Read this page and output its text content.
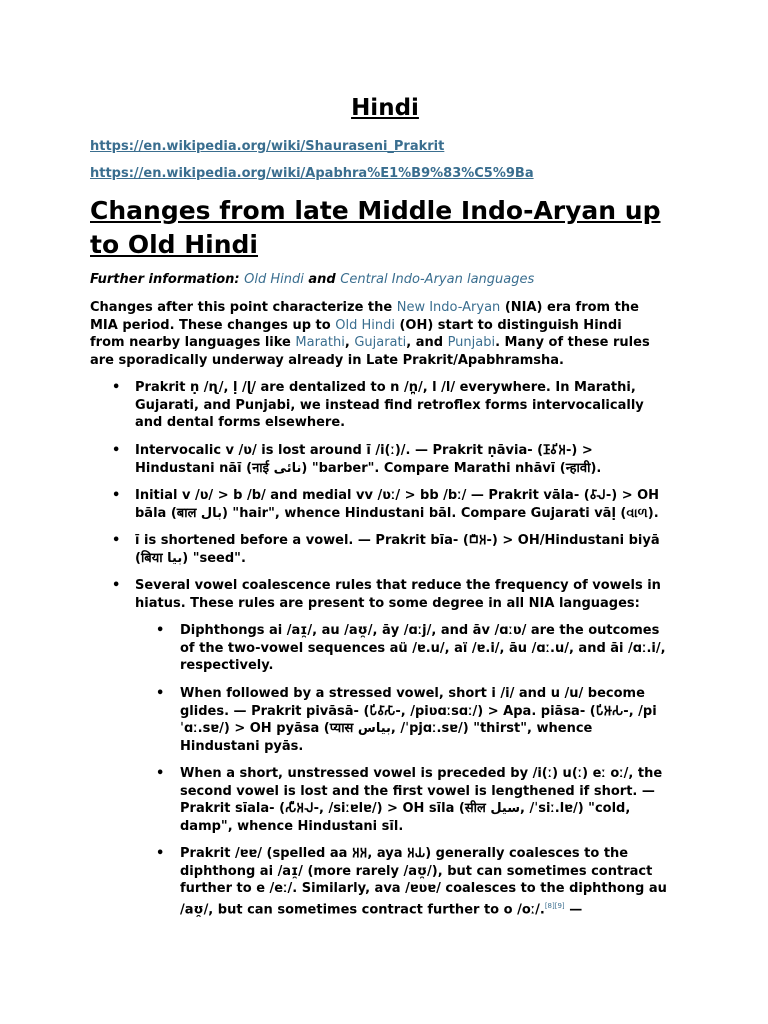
Hindi
https://en.wikipedia.org/wiki/Shauraseni_Prakrit
https://en.wikipedia.org/wiki/Apabhra%E1%B9%83%C5%9Ba
Changes from late Middle Indo-Aryan up to Old Hindi
Further information: Old Hindi and Central Indo-Aryan languages
Changes after this point characterize the New Indo-Aryan (NIA) era from the MIA period. These changes up to Old Hindi (OH) start to distinguish Hindi from nearby languages like Marathi, Gujarati, and Punjabi. Many of these rules are sporadically underway already in Late Prakrit/Apabhramsha.
• Prakrit ṇ /ɳ/, ḷ /ɭ/ are dentalized to n /n̪/, l /l/ everywhere. In Marathi, Gujarati, and Punjabi, we instead find retroflex forms intervocalically and dental forms elsewhere.
• Intervocalic v /ʋ/ is lost around ī /i(ː)/. — Prakrit ṇāvia- (𑀡𑀸𑀯𑀺𑀅-) > Hindustani nāī (नाई نائی) "barber". Compare Marathi nhāvī (न्हावी).
• Initial v /ʋ/ > b /b/ and medial vv /ʋː/ > bb /bː/ — Prakrit vāla- (𑀯𑀸𑀮-) > OH bāla (बाल بال) "hair", whence Hindustani bāl. Compare Gujarati vāḷ (વાળ).
• ī is shortened before a vowel. — Prakrit bīa- (𑀩𑀻𑀅-) > OH/Hindustani biyā (बिया بیا) "seed".
• Several vowel coalescence rules that reduce the frequency of vowels in hiatus. These rules are present to some degree in all NIA languages:
• Diphthongs ai /aɪ̯/, au /aʊ̯/, āy /ɑːj/, and āv /ɑːʋ/ are the outcomes of the two-vowel sequences aü /ɐ.u/, aï /ɐ.i/, āu /ɑː.u/, and āi /ɑː.i/, respectively.
• When followed by a stressed vowel, short i /i/ and u /u/ become glides. — Prakrit pivāsā- (𑀧𑀺𑀯𑀸𑀲𑀸-, /piʋɑːsɑː/) > Apa. piāsa- (𑀧𑀺𑀆𑀲-, /pi ˈɑː.sɐ/) > OH pyāsa (प्यास بیاس, /ˈpjɑː.sɐ/) "thirst", whence Hindustani pyās.
• When a short, unstressed vowel is preceded by /i(ː) u(ː) eː oː/, the second vowel is lost and the first vowel is lengthened if short. — Prakrit sīala- (𑀲𑀻𑀅𑀮-, /siːɐlɐ/) > OH sīla (सील سیل, /ˈsiː.lɐ/) "cold, damp", whence Hindustani sīl.
• Prakrit /ɐɐ/ (spelled aa 𑀅𑀅, aya 𑀅𑀬) generally coalesces to the diphthong ai /aɪ̯/ (more rarely /aʊ̯/), but can sometimes contract further to e /eː/. Similarly, ava /ɐʋɐ/ coalesces to the diphthong au /aʊ̯/, but can sometimes contract further to o /oː/.[8][9] —
